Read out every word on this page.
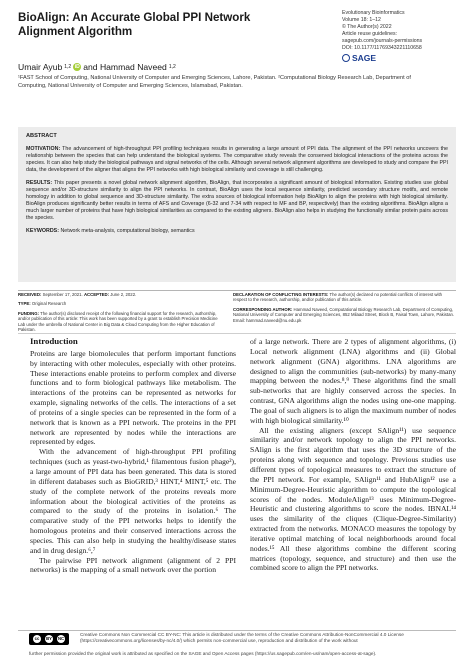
BioAlign: An Accurate Global PPI Network Alignment Algorithm
Evolutionary Bioinformatics
Volume 18: 1–12
© The Author(s) 2022
Article reuse guidelines:
sagepub.com/journals-permissions
DOI: 10.1177/11769343221110658
SAGE
Umair Ayub 1,2 iD and Hammad Naveed 1,2
¹FAST School of Computing, National University of Computer and Emerging Sciences, Lahore, Pakistan. ²Computational Biology Research Lab, Department of Computing, National University of Computer and Emerging Sciences, Islamabad, Pakistan.
ABSTRACT
MOTIVATION: The advancement of high-throughput PPI profiling techniques results in generating a large amount of PPI data. The alignment of the PPI networks uncovers the relationship between the species that can help understand the biological systems. The comparative study reveals the conserved biological interactions of the proteins across the species. It can also help study the biological pathways and signal networks of the cells. Although several network alignment algorithms are developed to study and compare the PPI data, the development of the aligner that aligns the PPI networks with high biological similarity and coverage is still challenging.
RESULTS: This paper presents a novel global network alignment algorithm, BioAlign, that incorporates a significant amount of biological information. Existing studies use global sequence and/or 3D-structure similarity to align the PPI networks. In contrast, BioAlign uses the local sequence similarity, predicted secondary structure motifs, and remote homology in addition to global sequence and 3D-structure similarity. The extra sources of biological information help BioAlign to align the proteins with high biological similarity. BioAlign produces significantly better results in terms of AFS and Coverage (6-32 and 7-34 with respect to MF and BP, respectively) than the existing algorithms. BioAlign aligns a much larger number of proteins that have high biological similarities as compared to the existing aligners. BioAlign also helps in studying the functionally similar protein pairs across the species.
KEYWORDS: Network meta-analysis, computational biology, semantics
RECEIVED: September 17, 2021. ACCEPTED: June 2, 2022.
TYPE: Original Research
FUNDING: The author(s) disclosed receipt of the following financial support for the research, authorship, and/or publication of this article: This work has been supported by a grant to establish Precision Medicine Lab under the umbrella of National Center in Big Data & Cloud Computing from the Higher Education of Pakistan.
DECLARATION OF CONFLICTING INTERESTS: The author(s) declared no potential conflicts of interest with respect to the research, authorship, and/or publication of this article.
CORRESPONDING AUTHOR: Hammad Naveed, Computational Biology Research Lab, Department of Computing, National University of Computer and Emerging Sciences, 852 Milaad Street, Block B, Faisal Town, Lahore, Pakistan. Email: hammad.naveed@nu.edu.pk
Introduction

Proteins are large biomolecules that perform important functions by interacting with other molecules, especially with other proteins. These interactions enable proteins to perform complex and diverse functions and to form biological pathways like metabolism. The interactions of the proteins can be represented as networks for example, signaling networks of the cells. The interactions of a set of proteins of a single species can be represented in the form of a network that is known as a PPI network. The proteins in the PPI network are represented by nodes while the interactions are represented by edges.

With the advancement of high-throughput PPI profiling techniques (such as yeast-two-hybrid,¹ filamentous fusion phage²), a large amount of PPI data has been generated. This data is stored in different databases such as BioGRID,³ HINT,⁴ MINT,⁵ etc. The study of the complete network of the proteins reveals more information about the biological activities of the proteins as compared to the study of the proteins in isolation.⁶ The comparative study of the PPI networks helps to identify the homologous proteins and their conserved interactions across the species. This can also help in studying the healthy/disease states and in drug design.⁶,⁷

The pairwise PPI network alignment (alignment of 2 PPI networks) is the mapping of a small network over the portion

of a large network. There are 2 types of alignment algorithms, (i) Local network alignment (LNA) algorithms and (ii) Global network alignment (GNA) algorithms. LNA algorithms are designed to align the communities (sub-networks) by many-many mapping between the nodes.⁸,⁹ These algorithms find the small sub-networks that are highly conserved across the species. In contrast, GNA algorithms align the nodes using one-one mapping. The goal of such aligners is to align the maximum number of nodes with high biological similarity.¹⁰

All the existing aligners (except SAlign¹¹) use sequence similarity and/or network topology to align the PPI networks. SAlign is the first algorithm that uses the 3D structure of the proteins along with sequence and topology. Previous studies use different types of topological measures to extract the structure of the PPI network. For example, SAlign¹¹ and HubAlign¹² use a Minimum-Degree-Heuristic algorithm to compute the topological scores of the nodes. ModuleAlign¹³ uses Minimum-Degree-Heuristic and clustering algorithms to score the nodes. IBNAL¹⁴ uses the similarity of the cliques (Clique-Degree-Similarity) extracted from the networks. MONACO measures the topology by iterative optimal matching of local neighborhoods around focal nodes.¹⁵ All these algorithms combine the different scoring matrices (topology, sequence, and structure) and then use the combined score to align the PPI networks.

cc	BY NC
Creative Commons Non Commercial CC BY-NC: This article is distributed under the terms of the Creative Commons Attribution-NonCommercial 4.0 License (https://creativecommons.org/licenses/by-nc/4.0/) which permits non-commercial use, reproduction and distribution of the work without
further permission provided the original work is attributed as specified on the SAGE and Open Access pages (https://us.sagepub.com/en-us/nam/open-access-at-sage).
